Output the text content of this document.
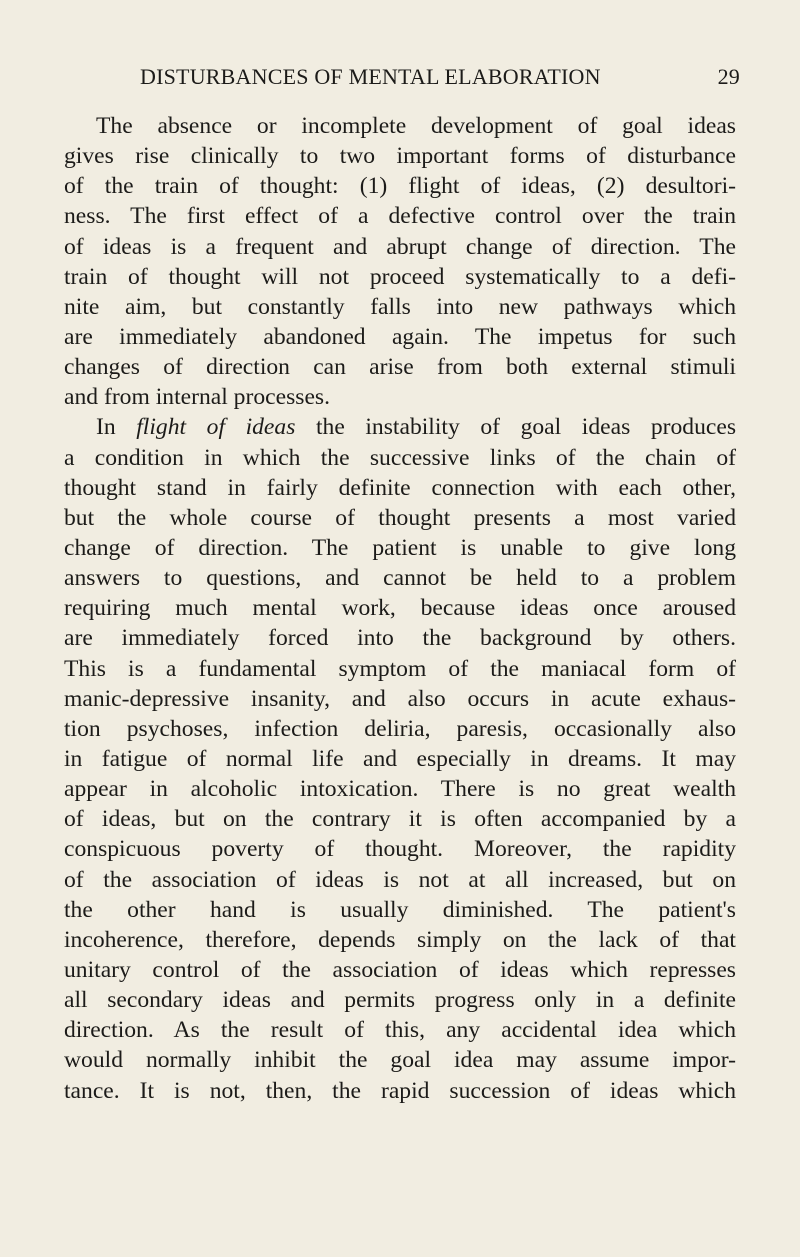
DISTURBANCES OF MENTAL ELABORATION	29
The absence or incomplete development of goal ideas
gives rise clinically to two important forms of disturbance
of the train of thought: (1) flight of ideas, (2) desultori-
ness. The first effect of a defective control over the train
of ideas is a frequent and abrupt change of direction. The
train of thought will not proceed systematically to a defi-
nite aim, but constantly falls into new pathways which
are immediately abandoned again. The impetus for such
changes of direction can arise from both external stimuli
and from internal processes.
In flight of ideas the instability of goal ideas produces
a condition in which the successive links of the chain of
thought stand in fairly definite connection with each other,
but the whole course of thought presents a most varied
change of direction. The patient is unable to give long
answers to questions, and cannot be held to a problem
requiring much mental work, because ideas once aroused
are immediately forced into the background by others.
This is a fundamental symptom of the maniacal form of
manic-depressive insanity, and also occurs in acute exhaus-
tion psychoses, infection deliria, paresis, occasionally also
in fatigue of normal life and especially in dreams. It may
appear in alcoholic intoxication. There is no great wealth
of ideas, but on the contrary it is often accompanied by a
conspicuous poverty of thought. Moreover, the rapidity
of the association of ideas is not at all increased, but on
the other hand is usually diminished. The patient's
incoherence, therefore, depends simply on the lack of that
unitary control of the association of ideas which represses
all secondary ideas and permits progress only in a definite
direction. As the result of this, any accidental idea which
would normally inhibit the goal idea may assume impor-
tance. It is not, then, the rapid succession of ideas which
